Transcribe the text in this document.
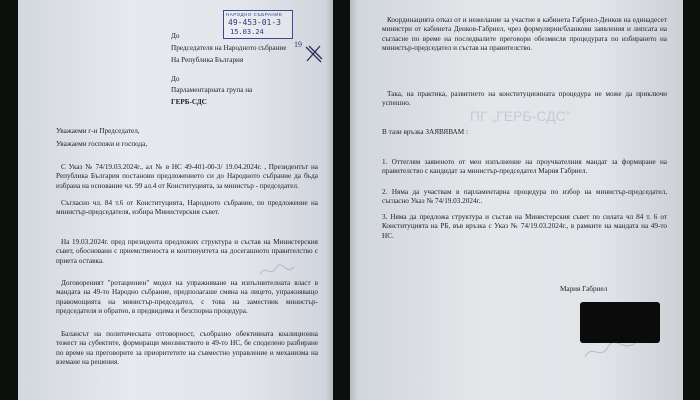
НАРОДНО СЪБРАНИЕ
49-453-01-3
15.03.24
19
До
Председателя на Народното събрание
На Република България
До
Парламентарната група на
ГЕРБ-СДС
Уважаеми г-н Председател,
Уважаеми госпожи и господа,
С Указ № 74/19.03.2024г., ал № в НС 49-401-00-3/ 19.04.2024г. , Президентът на Република България постанови предложението си до Народното събрание да бъда избрана на основание чл. 99 ал.4 от Конституцията, за министър - председател.
Съгласно чл. 84 т.6 от Конституцията, Народното събрание, по предложение на министър-председателя, избира Министерския съвет.
На 19.03.2024г. пред президента предложих структура и състав на Министерския съвет, обосновани с приемственоста и континуитета на досегашното правителство с приета оставка.
Договореният "ротационен" модел на упражняване на изпълнителната власт в мандата на 49-то Народно събрание, предполагаше смяна на лицето, упражняващо правомощията на министър-председател, с това на заместник министър-председателя и обратно, в предвидима и безспорна процедура.
Балансът на политическата отговорност, съобразно обективната коалиционна тежест на субектите, формиращи мнозинството в 49-то НС, бе споделено разбиране по време на преговорите за приоритетите на съвместно управление и механизма на вземане на решения.
Координацията отказ от и нежелание за участие в кабинета Габриел-Денков на единадесет министри от кабинета Денков-Габриел, чрез формулярни/бланкови заявления и липсата на съгласие по време на последвалите преговори обезмисля процедурата по избирането на министър-председател и състав на правителство.
Така, на практика, развитието на конституционната процедура не може да приключи успешно.
ПГ „ГЕРБ-СДС"
В тази връзка ЗАЯВЯВАМ :
1. Оттеглям заявеното от мен изпълнение на проучвателния мандат за формиране на правителство с кандидат за министър-председател Мария Габриел.
2. Няма да участвам в парламентарна процедура по избор на министър-председател, съгласно Указ № 74/19.03.2024г..
3. Няма да предложа структура и състав на Министерския съвет по силата чл 84 т. 6 от Конституцията на РБ, във връзка с Указ № 74/19.03.2024г., в рамките на мандата на 49-то НС.
Мария Габриел
